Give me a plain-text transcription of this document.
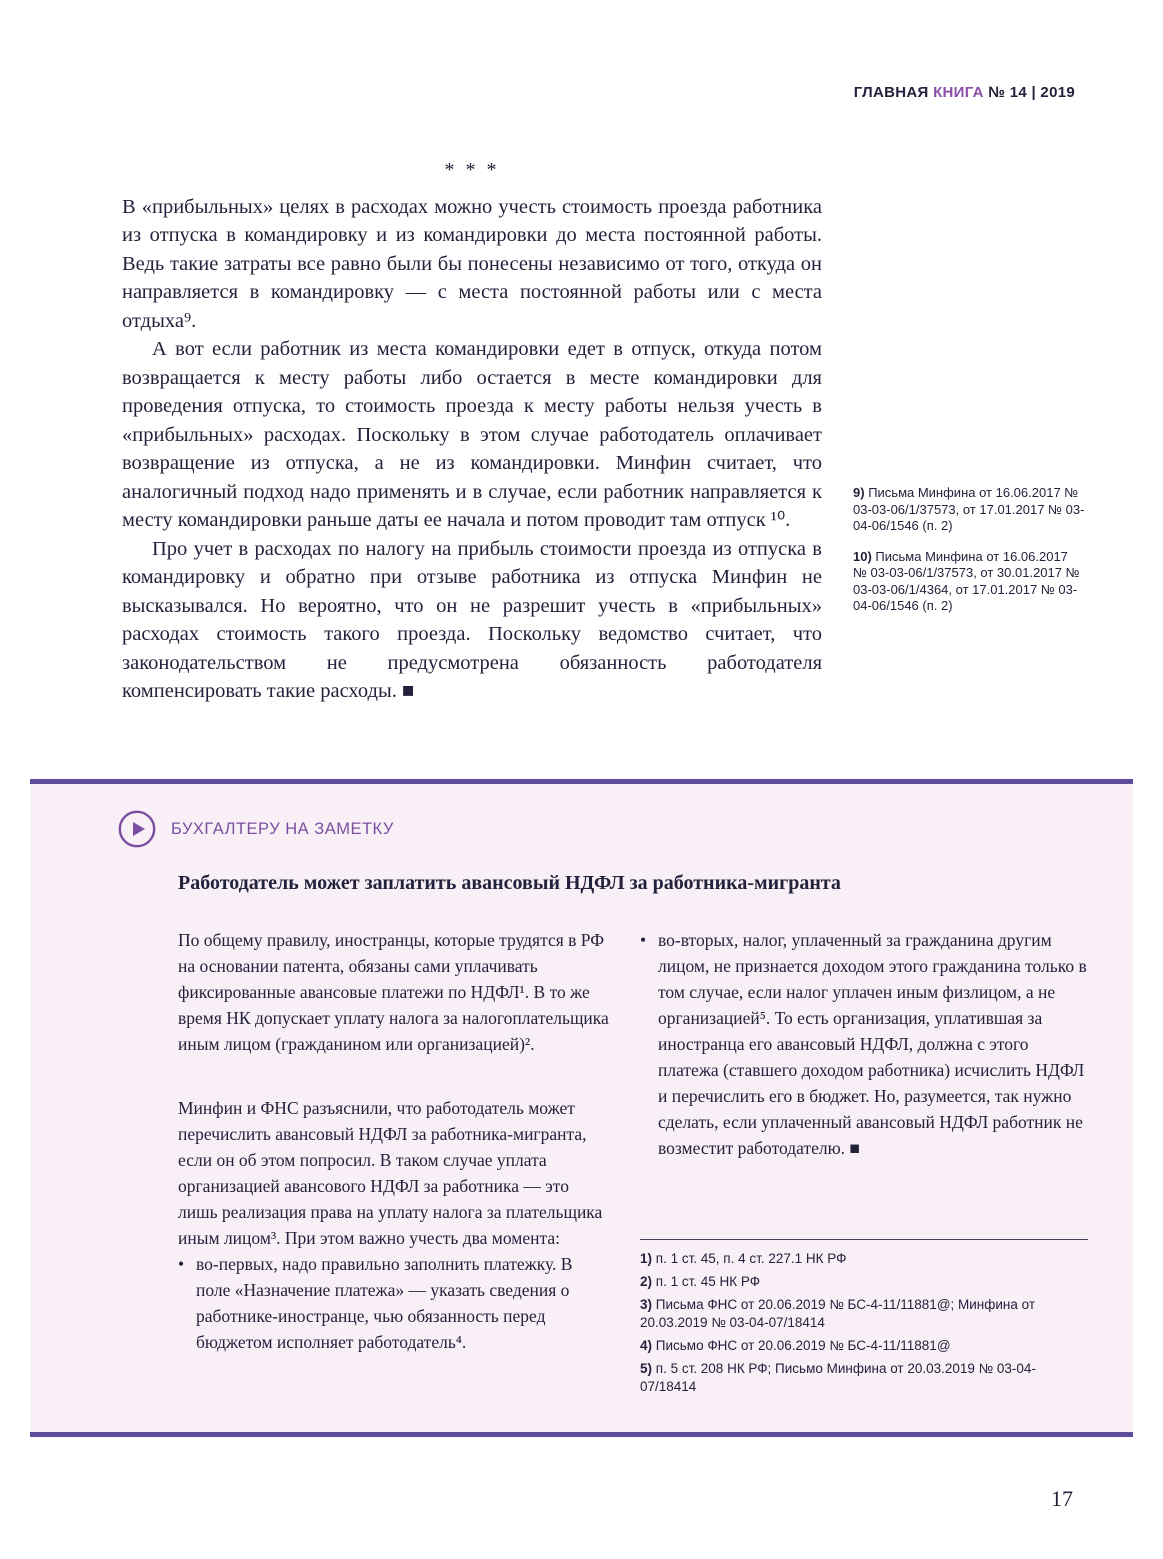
ГЛАВНАЯ КНИГА № 14 | 2019
* * *

В «прибыльных» целях в расходах можно учесть стоимость проезда работника из отпуска в командировку и из командировки до места постоянной работы. Ведь такие затраты все равно были бы понесены независимо от того, откуда он направляется в командировку — с места постоянной работы или с места отдыха⁹.

А вот если работник из места командировки едет в отпуск, откуда потом возвращается к месту работы либо остается в месте командировки для проведения отпуска, то стоимость проезда к месту работы нельзя учесть в «прибыльных» расходах. Поскольку в этом случае работодатель оплачивает возвращение из отпуска, а не из командировки. Минфин считает, что аналогичный подход надо применять и в случае, если работник направляется к месту командировки раньше даты ее начала и потом проводит там отпуск ¹⁰.

Про учет в расходах по налогу на прибыль стоимости проезда из отпуска в командировку и обратно при отзыве работника из отпуска Минфин не высказывался. Но вероятно, что он не разрешит учесть в «прибыльных» расходах стоимость такого проезда. Поскольку ведомство считает, что законодательством не предусмотрена обязанность работодателя компенсировать такие расходы. ■

9) Письма Минфина от 16.06.2017 № 03-03-06/1/37573, от 17.01.2017 № 03-04-06/1546 (п. 2)
10) Письма Минфина от 16.06.2017 № 03-03-06/1/37573, от 30.01.2017 № 03-03-06/1/4364, от 17.01.2017 № 03-04-06/1546 (п. 2)
БУХГАЛТЕРУ НА ЗАМЕТКУ
Работодатель может заплатить авансовый НДФЛ за работника-мигранта

По общему правилу, иностранцы, которые трудятся в РФ на основании патента, обязаны сами уплачивать фиксированные авансовые платежи по НДФЛ¹. В то же время НК допускает уплату налога за налогоплательщика иным лицом (гражданином или организацией)².

Минфин и ФНС разъяснили, что работодатель может перечислить авансовый НДФЛ за работника-мигранта, если он об этом попросил. В таком случае уплата организацией авансового НДФЛ за работника — это лишь реализация права на уплату налога за плательщика иным лицом³. При этом важно учесть два момента:

• во-первых, надо правильно заполнить платежку. В поле «Назначение платежа» — указать сведения о работнике-иностранце, чью обязанность перед бюджетом исполняет работодатель⁴.
• во-вторых, налог, уплаченный за гражданина другим лицом, не признается доходом этого гражданина только в том случае, если налог уплачен иным физлицом, а не организацией⁵. То есть организация, уплатившая за иностранца его авансовый НДФЛ, должна с этого платежа (ставшего доходом работника) исчислить НДФЛ и перечислить его в бюджет. Но, разумеется, так нужно сделать, если уплаченный авансовый НДФЛ работник не возместит работодателю. ■
1) п. 1 ст. 45, п. 4 ст. 227.1 НК РФ
2) п. 1 ст. 45 НК РФ
3) Письма ФНС от 20.06.2019 № БС-4-11/11881@; Минфина от 20.03.2019 № 03-04-07/18414
4) Письмо ФНС от 20.06.2019 № БС-4-11/11881@
5) п. 5 ст. 208 НК РФ; Письмо Минфина от 20.03.2019 № 03-04-07/18414
17
